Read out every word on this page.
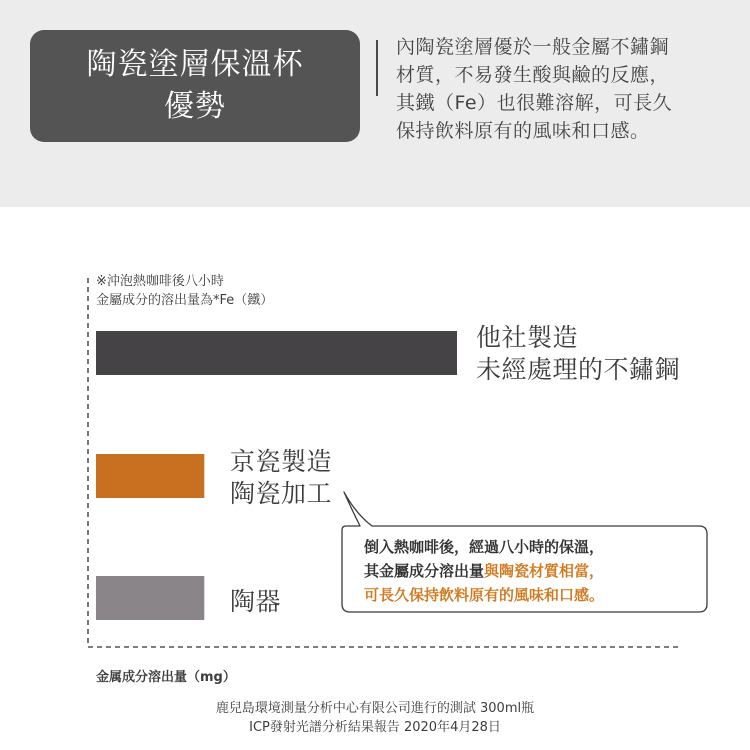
陶瓷塗層保溫杯
優勢
內陶瓷塗層優於一般金屬不鏽鋼
材質，不易發生酸與鹼的反應，
其鐵（Fe）也很難溶解，可長久
保持飲料原有的風味和口感。
※沖泡熱咖啡後八小時
金屬成分的溶出量為*Fe（鐵）
他社製造
未經處理的不鏽鋼
京瓷製造
陶瓷加工
陶器
倒入熱咖啡後，經過八小時的保溫，
其金屬成分溶出量與陶瓷材質相當，
可長久保持飲料原有的風味和口感。
金属成分溶出量（mg）
鹿兒島環境測量分析中心有限公司進行的測試 300ml瓶
ICP發射光譜分析結果報告 2020年4月28日
